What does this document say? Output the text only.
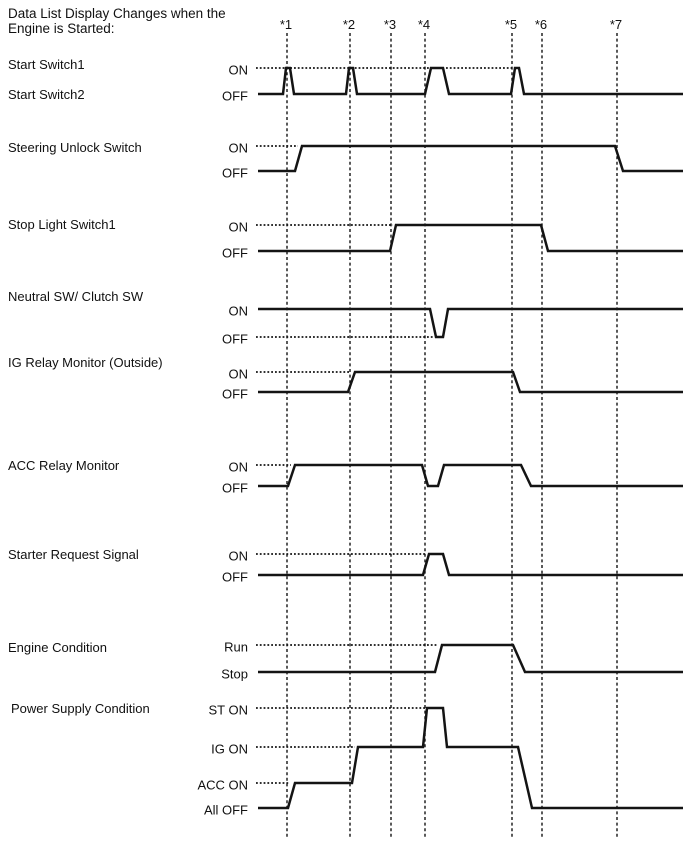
Data List Display Changes when the
Engine is Started:	*1	*2 *3 *4	*5 *6	*7
Start Switch1
Start Switch2
ON
OFF
Steering Unlock Switch	ON
OFF
Stop Light Switch1	ON
OFF
Neutral SW/ Clutch SW
ON
OFF
IG Relay Monitor (Outside)
ON
OFF
ACC Relay Monitor	ON
OFF
Starter Request Signal	ON
OFF
Engine Condition	Run
Stop
Power Supply Condition	ST ON
IG ON
ACC ON
All OFF
